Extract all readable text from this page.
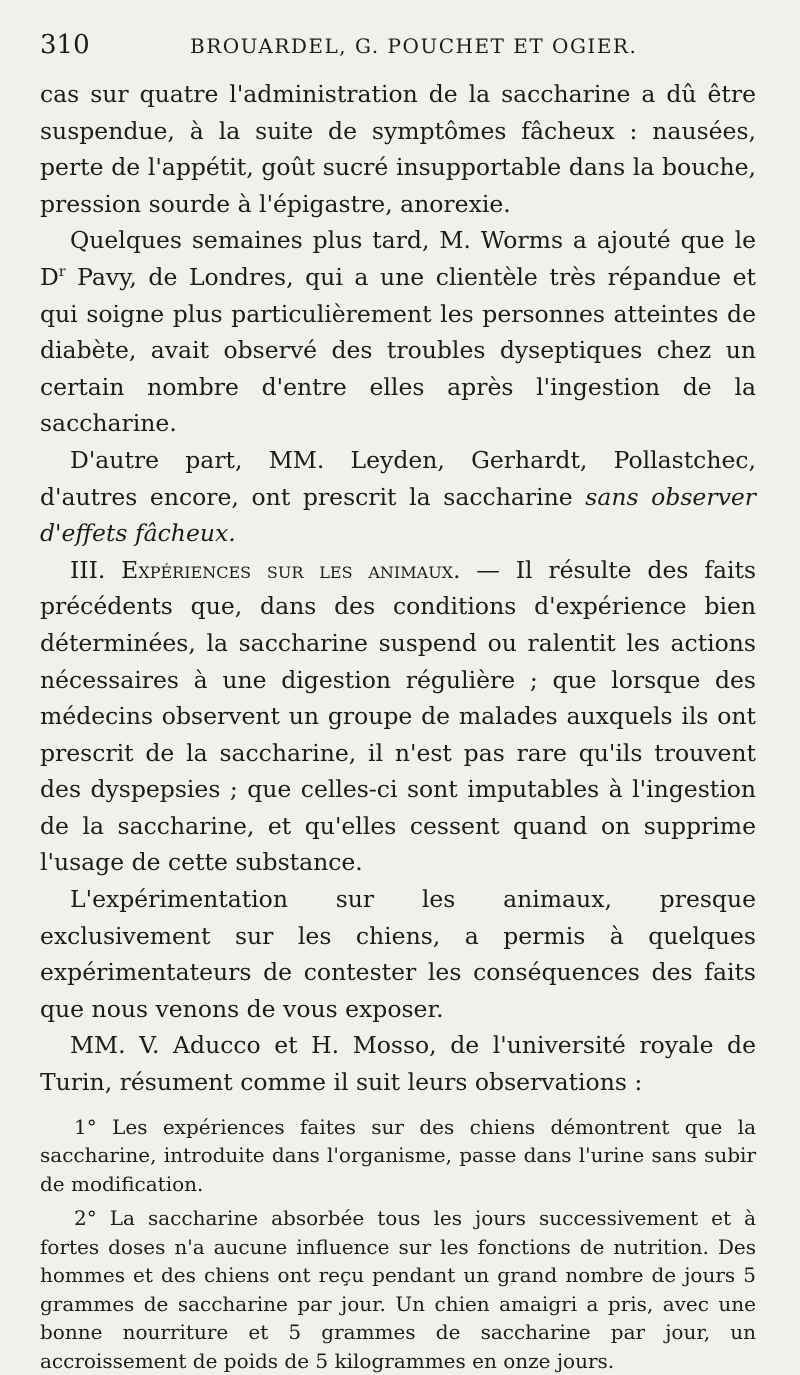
310	BROUARDEL, G. POUCHET ET OGIER.

cas sur quatre l'administration de la saccharine a dû être suspendue, à la suite de symptômes fâcheux : nausées, perte de l'appétit, goût sucré insupportable dans la bouche, pression sourde à l'épigastre, anorexie.

Quelques semaines plus tard, M. Worms a ajouté que le $D^r$ Pavy, de Londres, qui a une clientèle très répandue et qui soigne plus particulièrement les personnes atteintes de diabète, avait observé des troubles dyseptiques chez un certain nombre d'entre elles après l'ingestion de la saccharine.

D'autre part, MM. Leyden, Gerhardt, Pollastchec, d'autres encore, ont prescrit la saccharine sans observer d'effets fâcheux.

III. Expériences sur les animaux. — Il résulte des faits précédents que, dans des conditions d'expérience bien déterminées, la saccharine suspend ou ralentit les actions nécessaires à une digestion régulière ; que lorsque des médecins observent un groupe de malades auxquels ils ont prescrit de la saccharine, il n'est pas rare qu'ils trouvent des dyspepsies ; que celles-ci sont imputables à l'ingestion de la saccharine, et qu'elles cessent quand on supprime l'usage de cette substance.

L'expérimentation sur les animaux, presque exclusivement sur les chiens, a permis à quelques expérimentateurs de contester les conséquences des faits que nous venons de vous exposer.

MM. V. Aducco et H. Mosso, de l'université royale de Turin, résument comme il suit leurs observations :

1° Les expériences faites sur des chiens démontrent que la saccharine, introduite dans l'organisme, passe dans l'urine sans subir de modification.

2° La saccharine absorbée tous les jours successivement et à fortes doses n'a aucune influence sur les fonctions de nutrition. Des hommes et des chiens ont reçu pendant un grand nombre de jours 5 grammes de saccharine par jour. Un chien amaigri a pris, avec une bonne nourriture et 5 grammes de saccharine par jour, un accroissement de poids de 5 kilogrammes en onze jours.
